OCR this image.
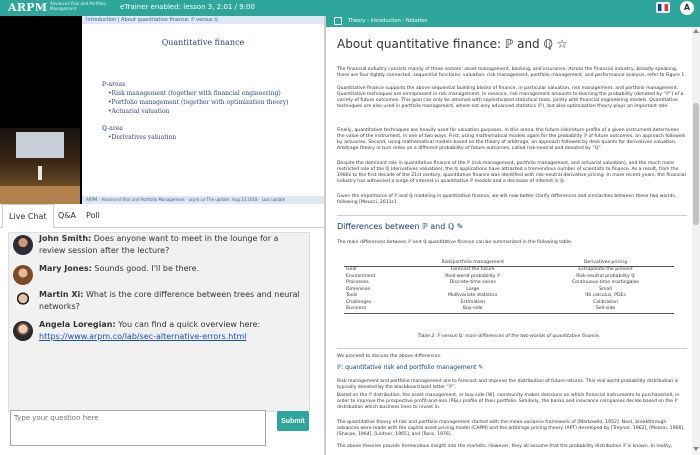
ARPM Advanced Risk and Portfolio Management	eTrainer enabled: lesson 3, 2:01 / 9:00	A
Introduction | About quantitative finance: ℙ versus ℚ
Quantitative finance
ℙ-areas
• Risk management (together with financial engineering)
• Portfolio management (together with optimization theory)
• Actuarial valuation
ℚ-area
• Derivatives valuation
ARPM - Advanced Risk and Portfolio Management - arpm.co The update: Aug 23 2018 - Last update
Live Chat	Q&A	Poll
John Smith: Does anyone want to meet in the lounge for a review session after the lecture?
Mary Jones: Sounds good. I'll be there.
Martin Xi: What is the core difference between trees and neural networks?
Angela Loregian: You can find a quick overview here:
https://www.arpm.co/lab/sec-alternative-errors.html
Type your question here
Submit
Theory › Introduction › Notation
About quantitative finance: ℙ and ℚ ☆
The financial industry consists mainly of three sectors: asset management, banking, and insurance. Across the financial industry, broadly speaking, there are four tightly connected, sequential functions: valuation, risk management, portfolio management, and performance analysis, refer to Figure 1.
Quantitative finance supports the above sequential building blocks of finance, in particular valuation, risk management, and portfolio management. Quantitative techniques are omnipresent in risk management. In essence, risk management amounts to learning the probability (denoted by “ℙ”) of a variety of future outcomes. This goal can only be attained with sophisticated statistical tools, jointly with financial engineering models. Quantitative techniques are also used in portfolio management, where not only advanced statistics (ℙ), but also optimization theory plays an important role.
Finally, quantitative techniques are heavily used for valuation purposes. In this arena, the future risk/return profile of a given instrument determines the value of the instrument, in one of two ways. First, using mathematical models again for the probability ℙ of future outcomes, an approach followed by actuaries. Second, using mathematical models based on the theory of arbitrage, an approach followed by desk quants for derivatives valuation. Arbitrage theory in turn relies on a different probability of future outcomes, called risk-neutral and denoted by “ℚ”.
Despite the dominant role in quantitative finance of the ℙ (risk management, portfolio management, and actuarial valuation), and the much more restricted role of the ℚ (derivatives valuation), the ℚ applications have attracted a tremendous number of scientists to finance. As a result, from the 1980s to the first decade of the 21st century, quantitative finance was identified with risk-neutral derivative pricing. In more recent years, the financial industry has witnessed a surge of interest in quantitative ℙ models and a decrease of interest in ℚ.
Given the importance of ℙ and ℚ modeling in quantitative finance, we will now better clarify differences and similarities between these two worlds, following [Meucci, 2011c].
Differences between ℙ and ℚ ✎
The main differences between ℙ and ℚ quantitative finance can be summarized in the following table.
	Risk/portfolio management	Derivatives pricing
Goal	Forecast the future	Extrapolate the present
Environment	Real-world probability ℙ	Risk-neutral probability ℚ
Processes	Discrete-time series	Continuous-time martingales
Dimension	Large	Small
Tools	Multivariate statistics	Itô calculus, PDEs
Challenges	Estimation	Calibration
Business	Buy-side	Sell-side
Table 2: ℙ versus ℚ: main differences of the two worlds of quantitative finance.
We proceed to discuss the above differences.
ℙ: quantitative risk and portfolio management ✎
Risk management and portfolio management are to forecast and improve the distribution of future returns. This real world probability distribution is typically denoted by the blackboard bold letter “ℙ”.
Based on the ℙ distribution, the asset management, or buy-side [W], community makes decisions on which financial instruments to purchase/sell, in order to improve the prospective profit-and-loss (P&L) profile of their portfolio. Similarly, the banks and insurance companies decide based on the ℙ distribution which business lines to invest in.
The quantitative theory of risk and portfolio management started with the mean-variance framework of [Markowitz, 1952]. Next, breakthrough advances were made with the capital asset pricing model (CAPM) and the arbitrage pricing theory (APT) developed by [Treynor, 1962], [Mossin, 1966], [Sharpe, 1964], [Lintner, 1965], and [Ross, 1976].
The above theories provide tremendous insight into the markets. However, they all assume that the probability distribution ℙ is known. In reality,
